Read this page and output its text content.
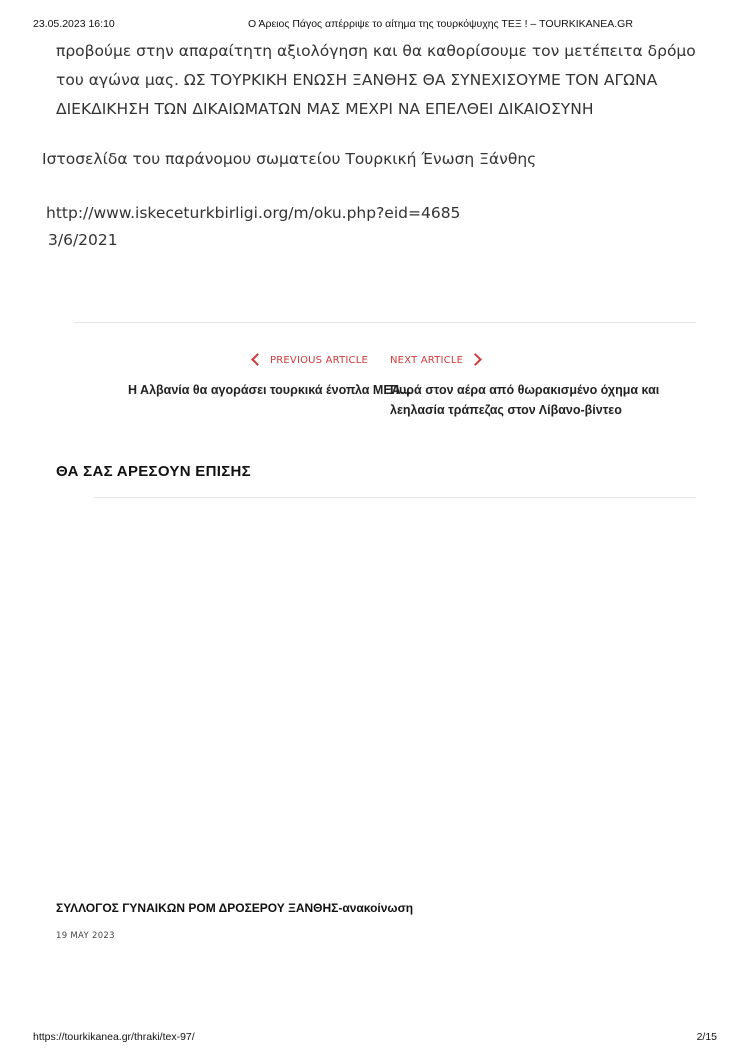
23.05.2023 16:10	Ο Άρειος Πάγος απέρριψε το αίτημα της τουρκόψυχης ΤΕΞ ! – TOURKIKANEA.GR

προβούμε στην απαραίτητη αξιολόγηση και θα καθορίσουμε τον μετέπειτα δρόμο του αγώνα μας. ΩΣ ΤΟΥΡΚΙΚΗ ΕΝΩΣΗ ΞΑΝΘΗΣ ΘΑ ΣΥΝΕΧΙΣΟΥΜΕ ΤΟΝ ΑΓΩΝΑ ΔΙΕΚΔΙΚΗΣΗ ΤΩΝ ΔΙΚΑΙΩΜΑΤΩΝ ΜΑΣ ΜΕΧΡΙ ΝΑ ΕΠΕΛΘΕΙ ΔΙΚΑΙΟΣΥΝΗ

Ιστοσελίδα του παράνομου σωματείου Τουρκική Ένωση Ξάνθης
http://www.iskeceturkbirligi.org/m/oku.php?eid=4685
3/6/2021
PREVIOUS ARTICLE NEXT ARTICLE
Η Αλβανία θα αγοράσει τουρκικά ένοπλα ΜΕΑ...
Πυρά στον αέρα από θωρακισμένο όχημα και λεηλασία τράπεζας στον Λίβανο-βίντεο
ΘΑ ΣΑΣ ΑΡΕΣΟΥΝ ΕΠΙΣΗΣ
ΣΥΛΛΟΓΟΣ ΓΥΝΑΙΚΩΝ ΡΟΜ ΔΡΟΣΕΡΟΥ ΞΑΝΘΗΣ-ανακοίνωση
19 MAY 2023
https://tourkikanea.gr/thraki/tex-97/	2/15
